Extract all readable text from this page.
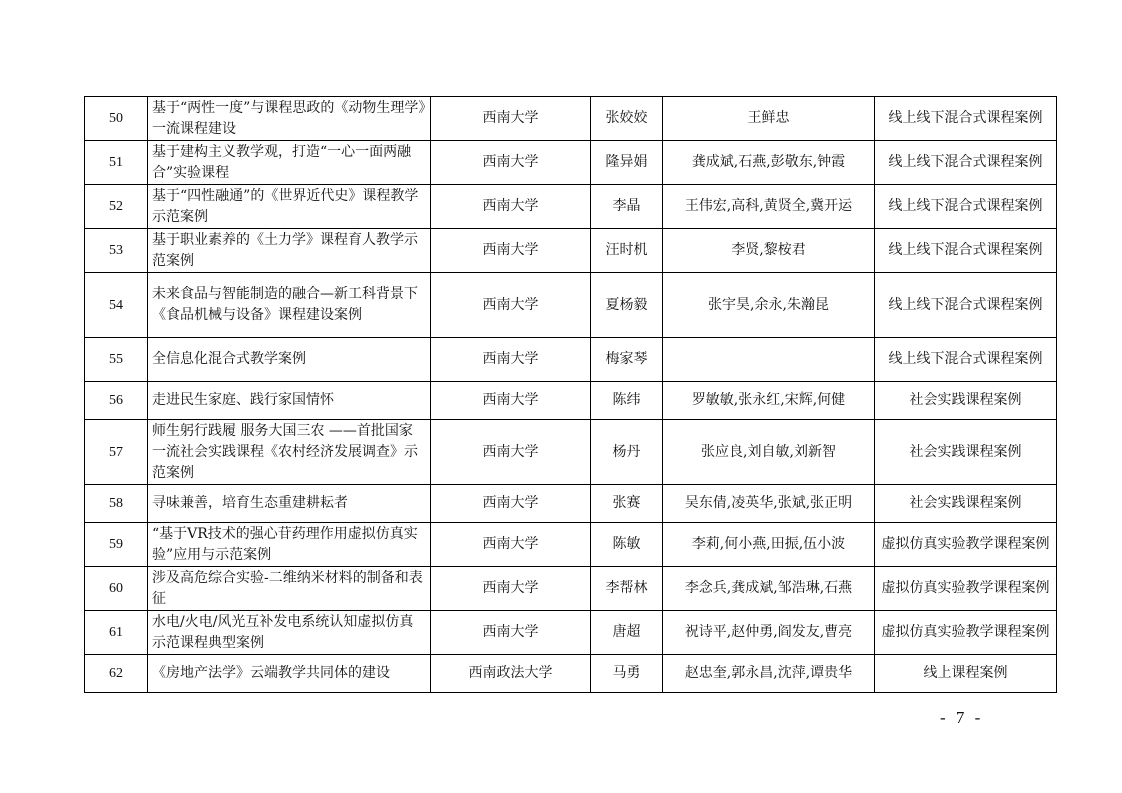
50	基于“两性一度”与课程思政的《动物生理学》一流课程建设	西南大学	张姣姣	王鲜忠	线上线下混合式课程案例
51	基于建构主义教学观，打造“一心一面两融合”实验课程	西南大学	隆异娟	龚成斌,石燕,彭敬东,钟霞	线上线下混合式课程案例
52	基于“四性融通”的《世界近代史》课程教学示范案例	西南大学	李晶	王伟宏,高科,黄贤全,冀开运	线上线下混合式课程案例
53	基于职业素养的《土力学》课程育人教学示范案例	西南大学	汪时机	李贤,黎桉君	线上线下混合式课程案例
54	未来食品与智能制造的融合—新工科背景下《食品机械与设备》课程建设案例	西南大学	夏杨毅	张宇昊,余永,朱瀚昆	线上线下混合式课程案例
55	全信息化混合式教学案例	西南大学	梅家琴		线上线下混合式课程案例
56	走进民生家庭、践行家国情怀	西南大学	陈纬	罗敏敏,张永红,宋辉,何健	社会实践课程案例
57	师生躬行践履 服务大国三农 ——首批国家一流社会实践课程《农村经济发展调查》示范案例	西南大学	杨丹	张应良,刘自敏,刘新智	社会实践课程案例
58	寻味兼善，培育生态重建耕耘者	西南大学	张赛	吴东倩,凌英华,张斌,张正明	社会实践课程案例
59	“基于VR技术的强心苷药理作用虚拟仿真实验”应用与示范案例	西南大学	陈敏	李莉,何小燕,田振,伍小波	虚拟仿真实验教学课程案例
60	涉及高危综合实验-二维纳米材料的制备和表征	西南大学	李帮林	李念兵,龚成斌,邹浩琳,石燕	虚拟仿真实验教学课程案例
61	水电/火电/风光互补发电系统认知虚拟仿真示范课程典型案例	西南大学	唐超	祝诗平,赵仲勇,阎发友,曹亮	虚拟仿真实验教学课程案例
62	《房地产法学》云端教学共同体的建设	西南政法大学	马勇	赵忠奎,郭永昌,沈萍,谭贵华	线上课程案例
- 7 -
